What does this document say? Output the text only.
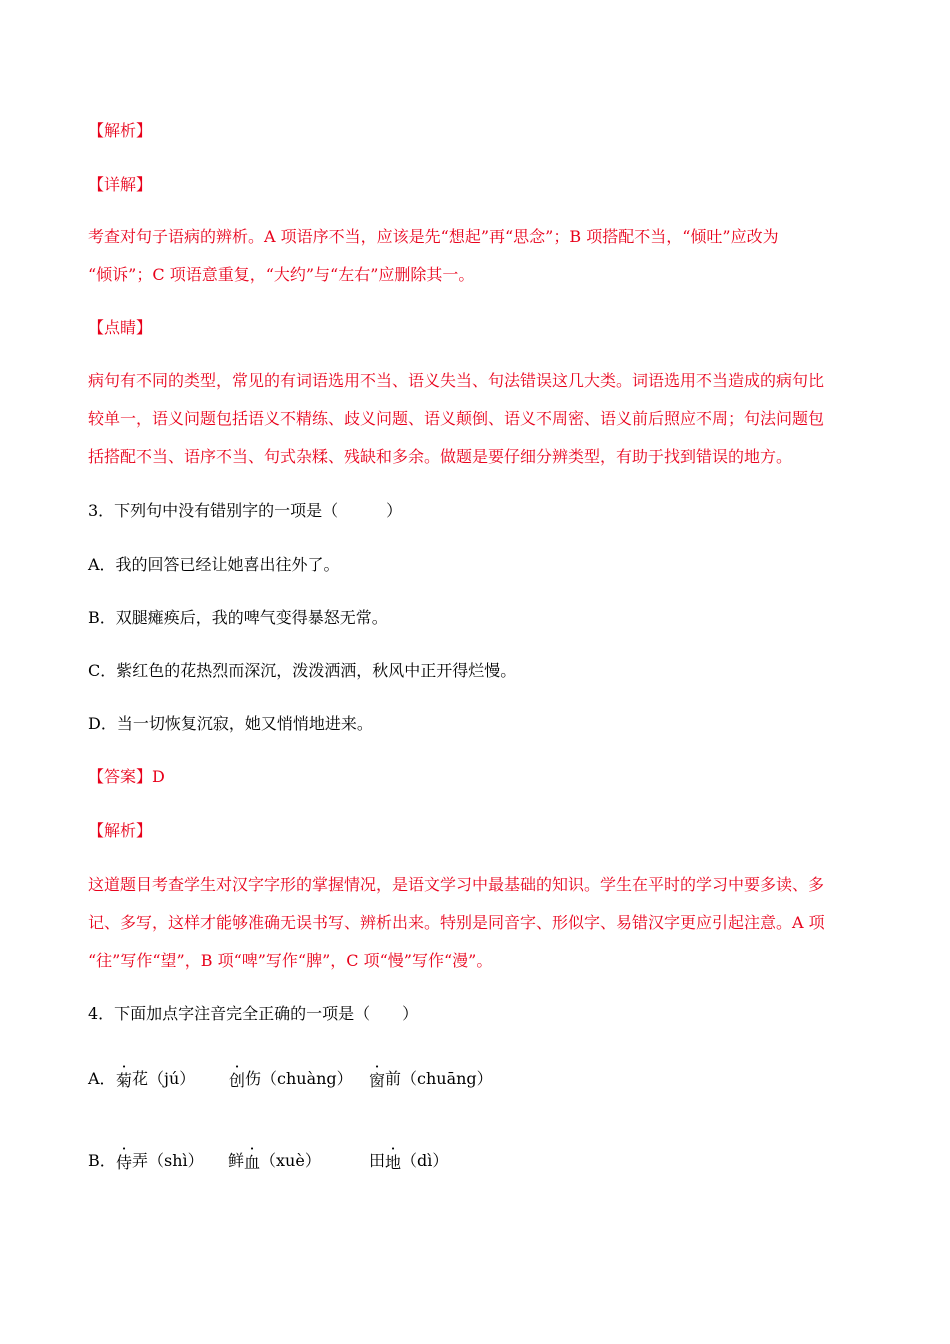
【解析】
【详解】

考查对句子语病的辨析。A 项语序不当，应该是先“想起”再“思念”；B 项搭配不当，“倾吐”应改为

“倾诉”；C 项语意重复，“大约”与“左右”应删除其一。

【点睛】

病句有不同的类型，常见的有词语选用不当、语义失当、句法错误这几大类。词语选用不当造成的病句比

较单一，语义问题包括语义不精练、歧义问题、语义颠倒、语义不周密、语义前后照应不周；句法问题包

括搭配不当、语序不当、句式杂糅、残缺和多余。做题是要仔细分辨类型，有助于找到错误的地方。

3．下列句中没有错别字的一项是（　　　）
A．我的回答已经让她喜出往外了。
B．双腿瘫痪后，我的啤气变得暴怒无常。
C．紫红色的花热烈而深沉，泼泼洒洒，秋风中正开得烂慢。
D．当一切恢复沉寂，她又悄悄地进来。
【答案】D
【解析】

这道题目考查学生对汉字字形的掌握情况，是语文学习中最基础的知识。学生在平时的学习中要多读、多

记、多写，这样才能够准确无误书写、辨析出来。特别是同音字、形似字、易错汉字更应引起注意。A 项

“往”写作“望”，B 项“啤”写作“脾”，C 项“慢”写作“漫”。

4．下面加点字注音完全正确的一项是（　　）
A． 菊花（jú） 创伤（chuàng） 窗前（chuāng）
B． 侍弄（shì） 鲜血（xuè）	田地（dì）
